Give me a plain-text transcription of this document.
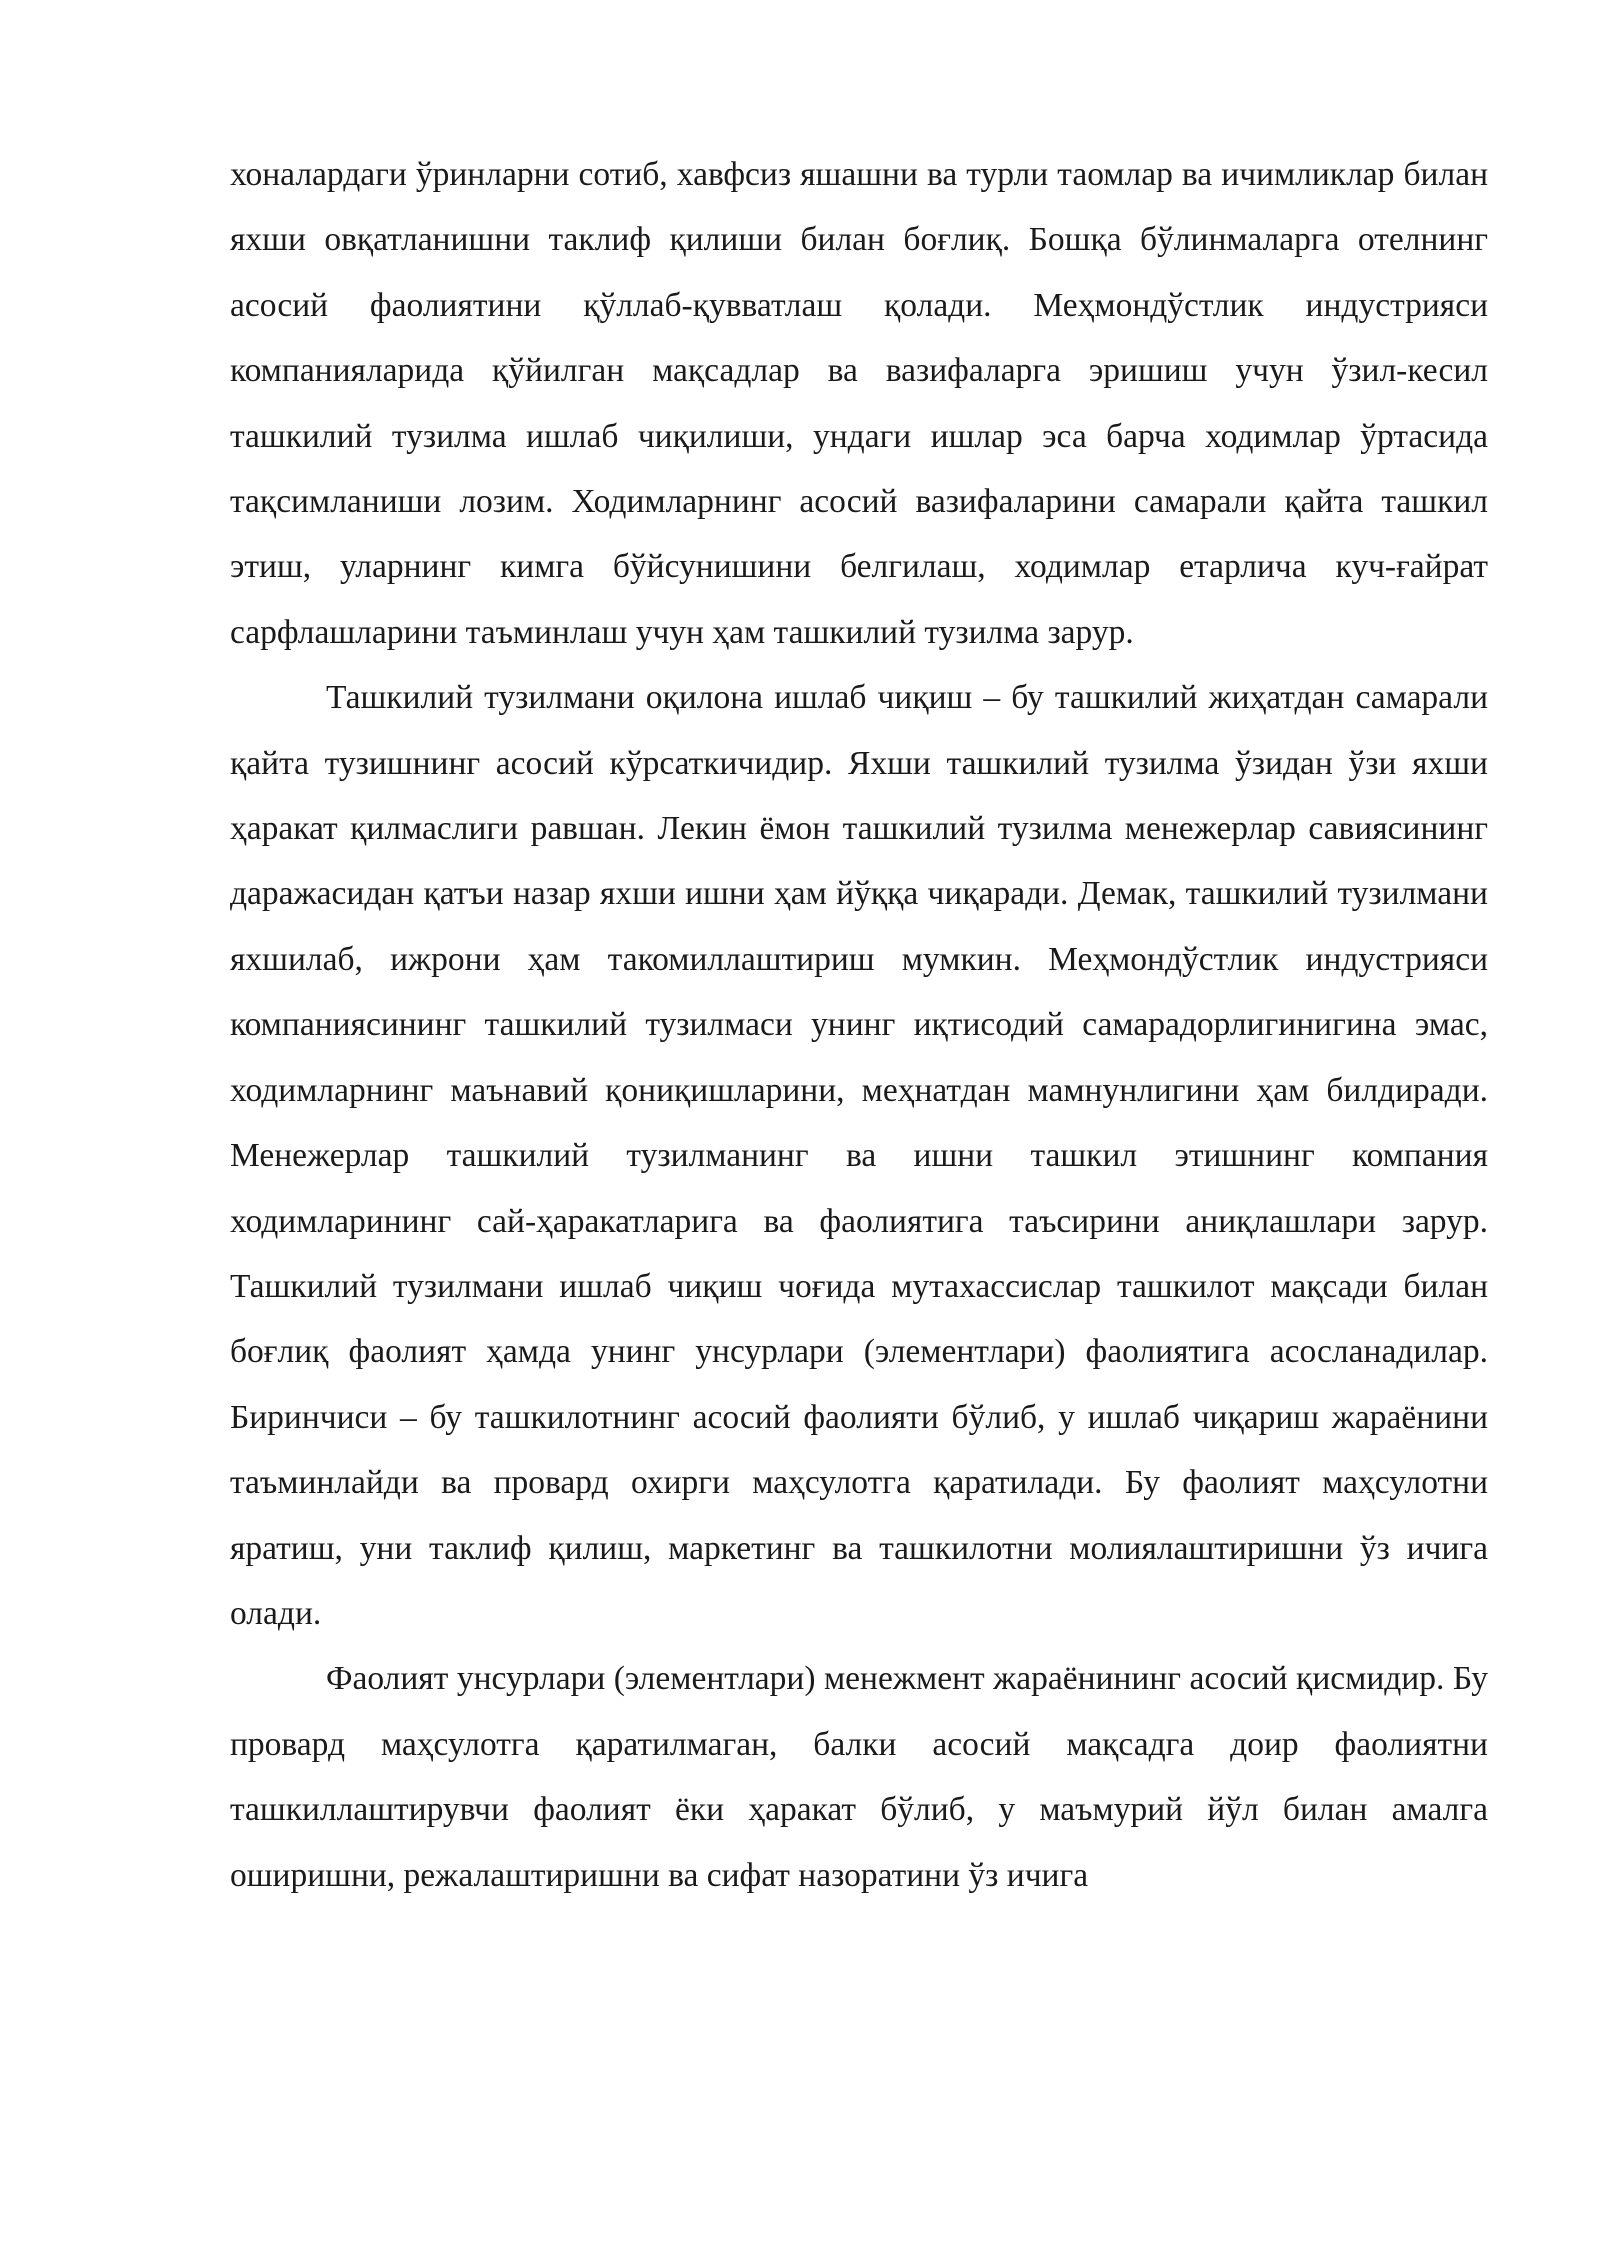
хоналардаги ўринларни сотиб, хавфсиз яшашни ва турли таомлар ва ичимликлар билан яхши овқатланишни таклиф қилиши билан боғлиқ. Бошқа бўлинмаларга отелнинг асосий фаолиятини қўллаб-қувватлаш қолади. Меҳмондўстлик индустрияси компанияларида қўйилган мақсадлар ва вазифаларга эришиш учун ўзил-кесил ташкилий тузилма ишлаб чиқилиши, ундаги ишлар эса барча ходимлар ўртасида тақсимланиши лозим. Ходимларнинг асосий вазифаларини самарали қайта ташкил этиш, уларнинг кимга бўйсунишини белгилаш, ходимлар етарлича куч-ғайрат сарфлашларини таъминлаш учун ҳам ташкилий тузилма зарур.

Ташкилий тузилмани оқилона ишлаб чиқиш – бу ташкилий жиҳатдан самарали қайта тузишнинг асосий кўрсаткичидир. Яхши ташкилий тузилма ўзидан ўзи яхши ҳаракат қилмаслиги равшан. Лекин ёмон ташкилий тузилма менежерлар савиясининг даражасидан қатъи назар яхши ишни ҳам йўққа чиқаради. Демак, ташкилий тузилмани яхшилаб, ижрони ҳам такомиллаштириш мумкин. Меҳмондўстлик индустрияси компаниясининг ташкилий тузилмаси унинг иқтисодий самарадорлигинигина эмас, ходимларнинг маънавий қониқишларини, меҳнатдан мамнунлигини ҳам билдиради. Менежерлар ташкилий тузилманинг ва ишни ташкил этишнинг компания ходимларининг сай-ҳаракатларига ва фаолиятига таъсирини аниқлашлари зарур. Ташкилий тузилмани ишлаб чиқиш чоғида мутахассислар ташкилот мақсади билан боғлиқ фаолият ҳамда унинг унсурлари (элементлари) фаолиятига асосланадилар. Биринчиси – бу ташкилотнинг асосий фаолияти бўлиб, у ишлаб чиқариш жараёнини таъминлайди ва провард охирги маҳсулотга қаратилади. Бу фаолият маҳсулотни яратиш, уни таклиф қилиш, маркетинг ва ташкилотни молиялаштиришни ўз ичига олади.

Фаолият унсурлари (элементлари) менежмент жараёнининг асосий қисмидир. Бу провард маҳсулотга қаратилмаган, балки асосий мақсадга доир фаолиятни ташкиллаштирувчи фаолият ёки ҳаракат бўлиб, у маъмурий йўл билан амалга оширишни, режалаштиришни ва сифат назоратини ўз ичига
